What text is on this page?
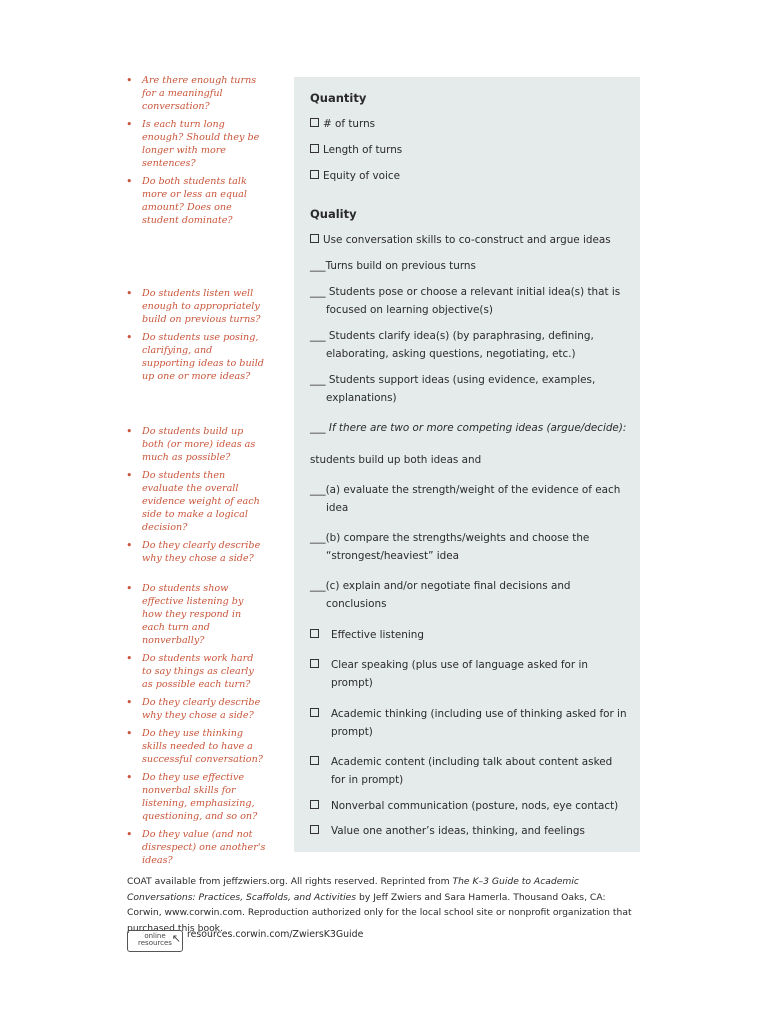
• Are there enough turns for a meaningful conversation?
• Is each turn long enough? Should they be longer with more sentences?
• Do both students talk more or less an equal amount? Does one student dominate?
• Do students listen well enough to appropriately build on previous turns?
• Do students use posing, clarifying, and supporting ideas to build up one or more ideas?
• Do students build up both (or more) ideas as much as possible?
• Do students then evaluate the overall evidence weight of each side to make a logical decision?
• Do they clearly describe why they chose a side?
• Do students show effective listening by how they respond in each turn and nonverbally?
• Do students work hard to say things as clearly as possible each turn?
• Do they clearly describe why they chose a side?
• Do they use thinking skills needed to have a successful conversation?
• Do they use effective nonverbal skills for listening, emphasizing, questioning, and so on?
• Do they value (and not disrespect) one another's ideas?
Quantity
# of turns
Length of turns
Equity of voice
Quality
Use conversation skills to co-construct and argue ideas
___Turns build on previous turns
___ Students pose or choose a relevant initial idea(s) that is
focused on learning objective(s)
___ Students clarify idea(s) (by paraphrasing, defining,
elaborating, asking questions, negotiating, etc.)
___ Students support ideas (using evidence, examples,
explanations)
___ If there are two or more competing ideas (argue/decide):
students build up both ideas and
___(a) evaluate the strength/weight of the evidence of each
idea
___(b) compare the strengths/weights and choose the
“strongest/heaviest” idea
___(c) explain and/or negotiate final decisions and
conclusions
Effective listening
Clear speaking (plus use of language asked for in
prompt)
Academic thinking (including use of thinking asked for in
prompt)
Academic content (including talk about content asked
for in prompt)
Nonverbal communication (posture, nods, eye contact)
Value one another’s ideas, thinking, and feelings
COAT available from jeffzwiers.org. All rights reserved. Reprinted from The K–3 Guide to Academic Conversations: Practices, Scaffolds, and Activities by Jeff Zwiers and Sara Hamerla. Thousand Oaks, CA: Corwin, www.corwin.com. Reproduction authorized only for the local school site or nonprofit organization that purchased this book.
online
resources ↖ resources.corwin.com/ZwiersK3Guide
